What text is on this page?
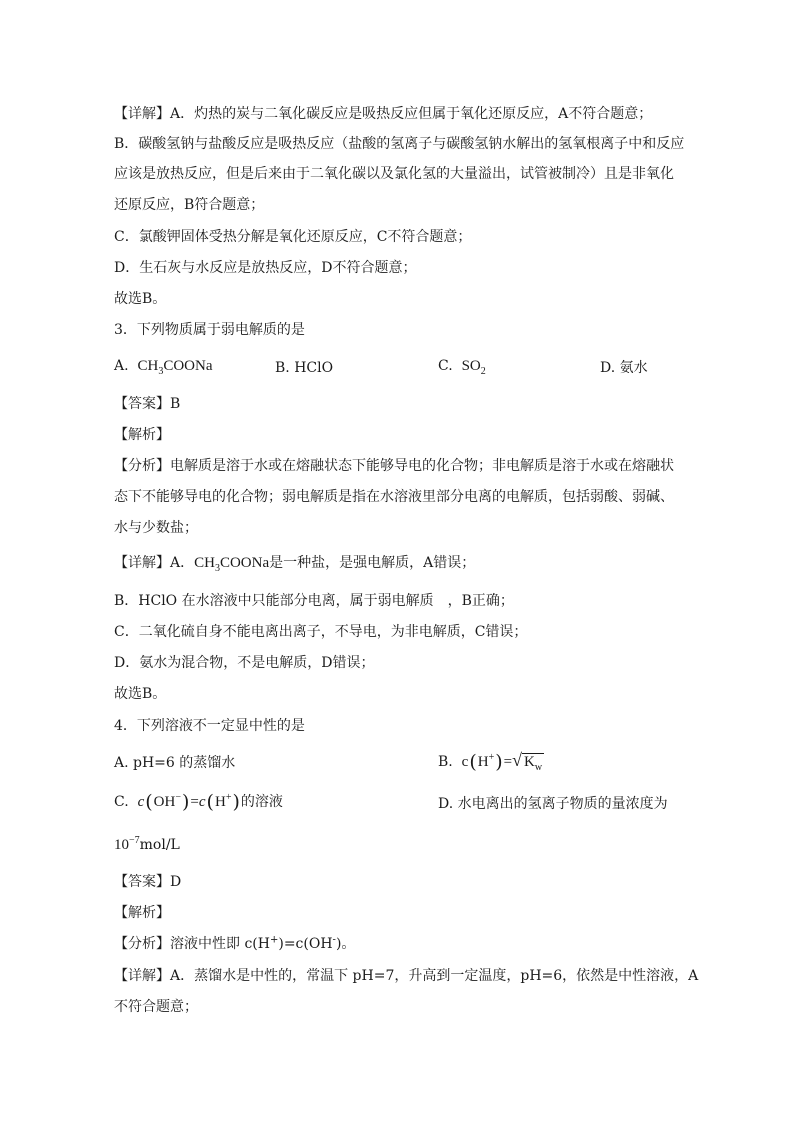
【详解】A．灼热的炭与二氧化碳反应是吸热反应但属于氧化还原反应，A不符合题意；
B．碳酸氢钠与盐酸反应是吸热反应（盐酸的氢离子与碳酸氢钠水解出的氢氧根离子中和反应
应该是放热反应，但是后来由于二氧化碳以及氯化氢的大量溢出，试管被制冷）且是非氧化
还原反应，B符合题意；
C．氯酸钾固体受热分解是氧化还原反应，C不符合题意；
D．生石灰与水反应是放热反应，D不符合题意；
故选B。
3．下列物质属于弱电解质的是
A. $CH_3COONa$	B. HClO	C. $SO_2$	D. 氨水
【答案】B
【解析】
【分析】电解质是溶于水或在熔融状态下能够导电的化合物；非电解质是溶于水或在熔融状
态下不能够导电的化合物；弱电解质是指在水溶液里部分电离的电解质，包括弱酸、弱碱、
水与少数盐；
【详解】A．$CH_3COONa$是一种盐，是强电解质，A错误；
B．HClO 在水溶液中只能部分电离，属于弱电解质　，B正确；
C．二氧化硫自身不能电离出离子，不导电，为非电解质，C错误；
D．氨水为混合物，不是电解质，D错误；
故选B。
4．下列溶液不一定显中性的是
A. pH=6 的蒸馏水	B. c(H+)=√ $K_w$
C. c(OH−)=c(H+)的溶液	D. 水电离出的氢离子物质的量浓度为
$10^{-7}mol/L$
【答案】D
【解析】
【分析】溶液中性即 c(H+)=c(OH-)。
【详解】A．蒸馏水是中性的，常温下 pH=7，升高到一定温度，pH=6，依然是中性溶液，A
不符合题意；
